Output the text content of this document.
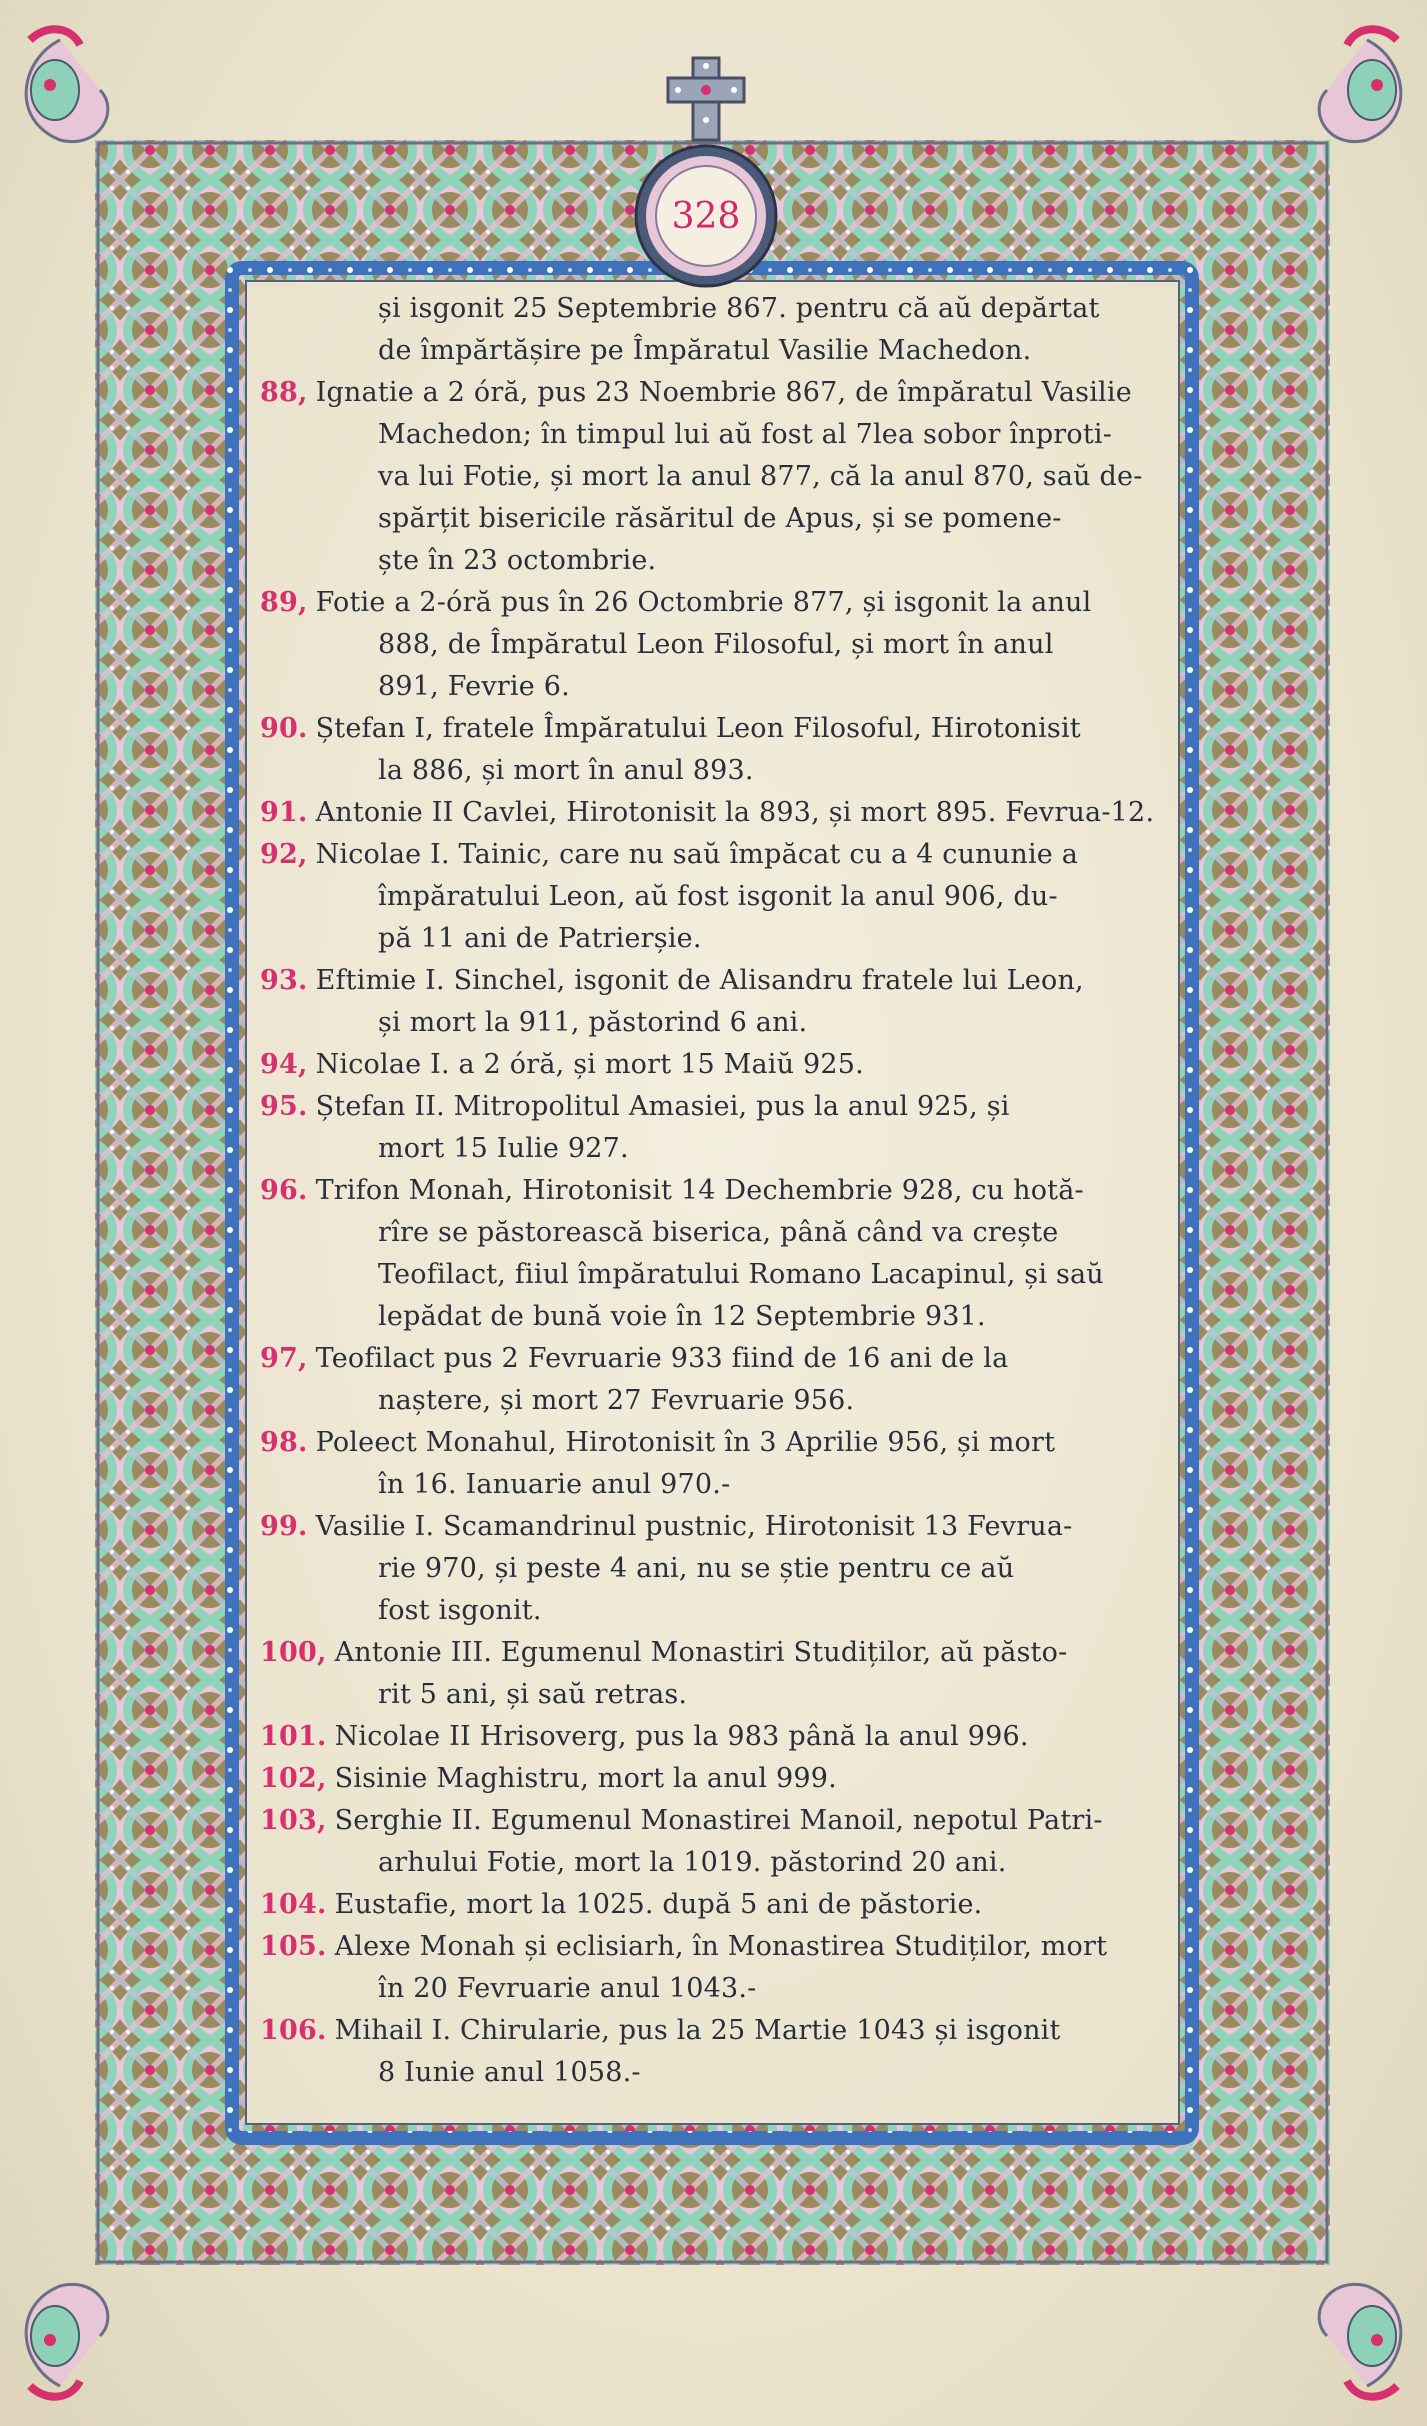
328
și isgonit 25 Septembrie 867. pentru că aŭ depărtat
de împărtășire pe Împăratul Vasilie Machedon.
88, Ignatie a 2 óră, pus 23 Noembrie 867, de împăratul Vasilie
Machedon; în timpul lui aŭ fost al 7lea sobor înproti-
va lui Fotie, și mort la anul 877, că la anul 870, saŭ de-
spărțit bisericile răsăritul de Apus, și se pomene-
ște în 23 octombrie.
89, Fotie a 2-óră pus în 26 Octombrie 877, și isgonit la anul
888, de Împăratul Leon Filosoful, și mort în anul
891, Fevrie 6.
90. Ștefan I, fratele Împăratului Leon Filosoful, Hirotonisit
la 886, și mort în anul 893.
91. Antonie II Cavlei, Hirotonisit la 893, și mort 895. Fevrua-12.
92, Nicolae I. Tainic, care nu saŭ împăcat cu a 4 cununie a
împăratului Leon, aŭ fost isgonit la anul 906, du-
pă 11 ani de Patrierșie.
93. Eftimie I. Sinchel, isgonit de Alisandru fratele lui Leon,
și mort la 911, păstorind 6 ani.
94, Nicolae I. a 2 óră, și mort 15 Maiŭ 925.
95. Ștefan II. Mitropolitul Amasiei, pus la anul 925, și
mort 15 Iulie 927.
96. Trifon Monah, Hirotonisit 14 Dechembrie 928, cu hotă-
rîre se păstorească biserica, până când va crește
Teofilact, fiiul împăratului Romano Lacapinul, și saŭ
lepădat de bună voie în 12 Septembrie 931.
97, Teofilact pus 2 Fevruarie 933 fiind de 16 ani de la
naștere, și mort 27 Fevruarie 956.
98. Poleect Monahul, Hirotonisit în 3 Aprilie 956, și mort
în 16. Ianuarie anul 970.-
99. Vasilie I. Scamandrinul pustnic, Hirotonisit 13 Fevrua-
rie 970, și peste 4 ani, nu se știe pentru ce aŭ
fost isgonit.
100, Antonie III. Egumenul Monastiri Studiților, aŭ păsto-
rit 5 ani, și saŭ retras.
101. Nicolae II Hrisoverg, pus la 983 până la anul 996.
102, Sisinie Maghistru, mort la anul 999.
103, Serghie II. Egumenul Monastirei Manoil, nepotul Patri-
arhului Fotie, mort la 1019. păstorind 20 ani.
104. Eustafie, mort la 1025. după 5 ani de păstorie.
105. Alexe Monah și eclisiarh, în Monastirea Studiților, mort
în 20 Fevruarie anul 1043.-
106. Mihail I. Chirularie, pus la 25 Martie 1043 și isgonit
8 Iunie anul 1058.-
